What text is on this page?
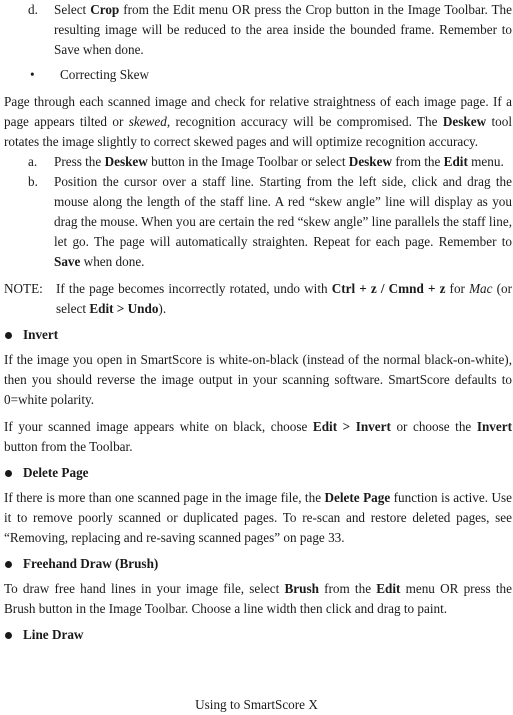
d.	Select Crop from the Edit menu OR press the Crop button in the Image Toolbar. The resulting image will be reduced to the area inside the bounded frame. Remember to Save when done.
•	Correcting Skew

Page through each scanned image and check for relative straightness of each image page. If a page appears tilted or skewed, recognition accuracy will be compromised. The Deskew tool rotates the image slightly to correct skewed pages and will optimize recognition accuracy.

a.	Press the Deskew button in the Image Toolbar or select Deskew from the Edit menu.
b.	Position the cursor over a staff line. Starting from the left side, click and drag the mouse along the length of the staff line. A red “skew angle” line will display as you drag the mouse. When you are certain the red “skew angle” line parallels the staff line, let go. The page will automatically straighten. Repeat for each page. Remember to Save when done.
NOTE: If the page becomes incorrectly rotated, undo with Ctrl + z / Cmnd + z for Mac (or select Edit > Undo).
Invert

If the image you open in SmartScore is white-on-black (instead of the normal black-on-white), then you should reverse the image output in your scanning software. SmartScore defaults to 0=white polarity.

If your scanned image appears white on black, choose Edit > Invert or choose the Invert button from the Toolbar.

Delete Page

If there is more than one scanned page in the image file, the Delete Page function is active. Use it to remove poorly scanned or duplicated pages. To re-scan and restore deleted pages, see “Removing, replacing and re-saving scanned pages” on page 33.

Freehand Draw (Brush)

To draw free hand lines in your image file, select Brush from the Edit menu OR press the Brush button in the Image Toolbar. Choose a line width then click and drag to paint.

Line Draw
Using to SmartScore X
